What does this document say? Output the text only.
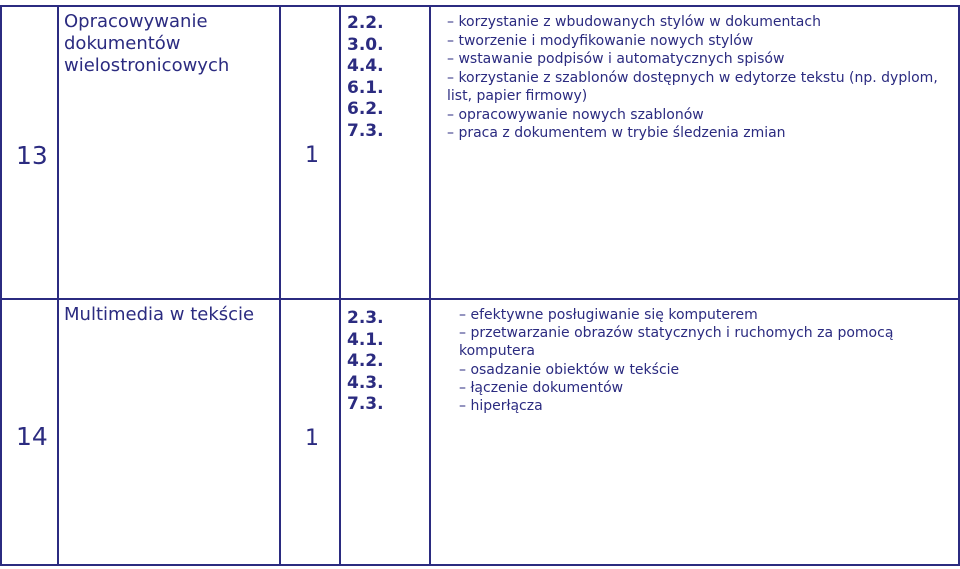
13
Opracowywanie dokumentów wielostronicowych
1
2.2.
3.0.
4.4.
6.1.
6.2.
7.3.
– korzystanie z wbudowanych stylów w dokumentach
– tworzenie i modyfikowanie nowych stylów
– wstawanie podpisów i automatycznych spisów
– korzystanie z szablonów dostępnych w edytorze tekstu (np. dyplom, list, papier firmowy)
– opracowywanie nowych szablonów
– praca z dokumentem w trybie śledzenia zmian
14
Multimedia w tekście
1
2.3.
4.1.
4.2.
4.3.
7.3.
– efektywne posługiwanie się komputerem
– przetwarzanie obrazów statycznych i ruchomych za pomocą komputera
– osadzanie obiektów w tekście
– łączenie dokumentów
– hiperłącza
